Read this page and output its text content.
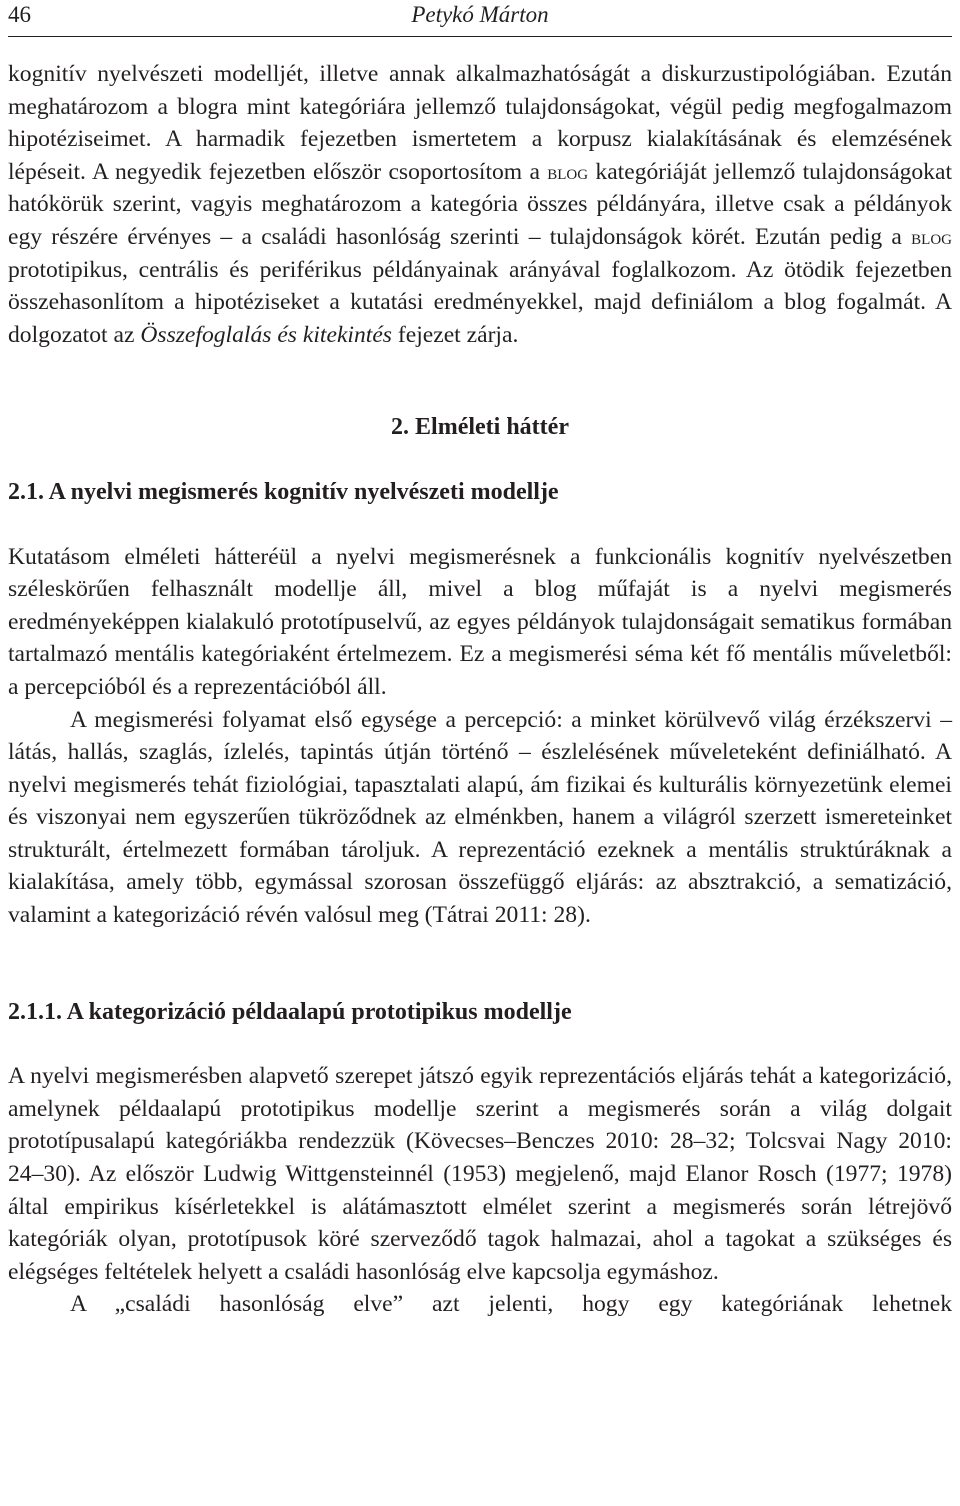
46	Petykó Márton

kognitív nyelvészeti modelljét, illetve annak alkalmazhatóságát a diskurzustipológiában. Ezután meghatározom a blogra mint kategóriára jellemző tulajdonságokat, végül pedig megfogalmazom hipotéziseimet. A harmadik fejezetben ismertetem a korpusz kialakításának és elemzésének lépéseit. A negyedik fejezetben először csoportosítom a blog kategóriáját jellemző tulajdonságokat hatókörük szerint, vagyis meghatározom a kategória összes példányára, illetve csak a példányok egy részére érvényes – a családi hasonlóság szerinti – tulajdonságok körét. Ezután pedig a blog prototipikus, centrális és periférikus példányainak arányával foglalkozom. Az ötödik fejezetben összehasonlítom a hipotéziseket a kutatási eredményekkel, majd definiálom a blog fogalmát. A dolgozatot az Összefoglalás és kitekintés fejezet zárja.

2. Elméleti háttér
2.1. A nyelvi megismerés kognitív nyelvészeti modellje

Kutatásom elméleti hátteréül a nyelvi megismerésnek a funkcionális kognitív nyelvészetben széleskörűen felhasznált modellje áll, mivel a blog műfaját is a nyelvi megismerés eredményeképpen kialakuló prototípuselvű, az egyes példányok tulajdonságait sematikus formában tartalmazó mentális kategóriaként értelmezem. Ez a megismerési séma két fő mentális műveletből: a percepcióból és a reprezentációból áll.

A megismerési folyamat első egysége a percepció: a minket körülvevő világ érzékszervi – látás, hallás, szaglás, ízlelés, tapintás útján történő – észlelésének műveleteként definiálható. A nyelvi megismerés tehát fiziológiai, tapasztalati alapú, ám fizikai és kulturális környezetünk elemei és viszonyai nem egyszerűen tükröződnek az elménkben, hanem a világról szerzett ismereteinket strukturált, értelmezett formában tároljuk. A reprezentáció ezeknek a mentális struktúráknak a kialakítása, amely több, egymással szorosan összefüggő eljárás: az absztrakció, a sematizáció, valamint a kategorizáció révén valósul meg (Tátrai 2011: 28).

2.1.1. A kategorizáció példaalapú prototipikus modellje

A nyelvi megismerésben alapvető szerepet játszó egyik reprezentációs eljárás tehát a kategorizáció, amelynek példaalapú prototipikus modellje szerint a megismerés során a világ dolgait prototípusalapú kategóriákba rendezzük (Kövecses–Benczes 2010: 28–32; Tolcsvai Nagy 2010: 24–30). Az először Ludwig Wittgensteinnél (1953) megjelenő, majd Elanor Rosch (1977; 1978) által empirikus kísérletekkel is alátámasztott elmélet szerint a megismerés során létrejövő kategóriák olyan, prototípusok köré szerveződő tagok halmazai, ahol a tagokat a szükséges és elégséges feltételek helyett a családi hasonlóság elve kapcsolja egymáshoz.

A „családi hasonlóság elve” azt jelenti, hogy egy kategóriának lehetnek
